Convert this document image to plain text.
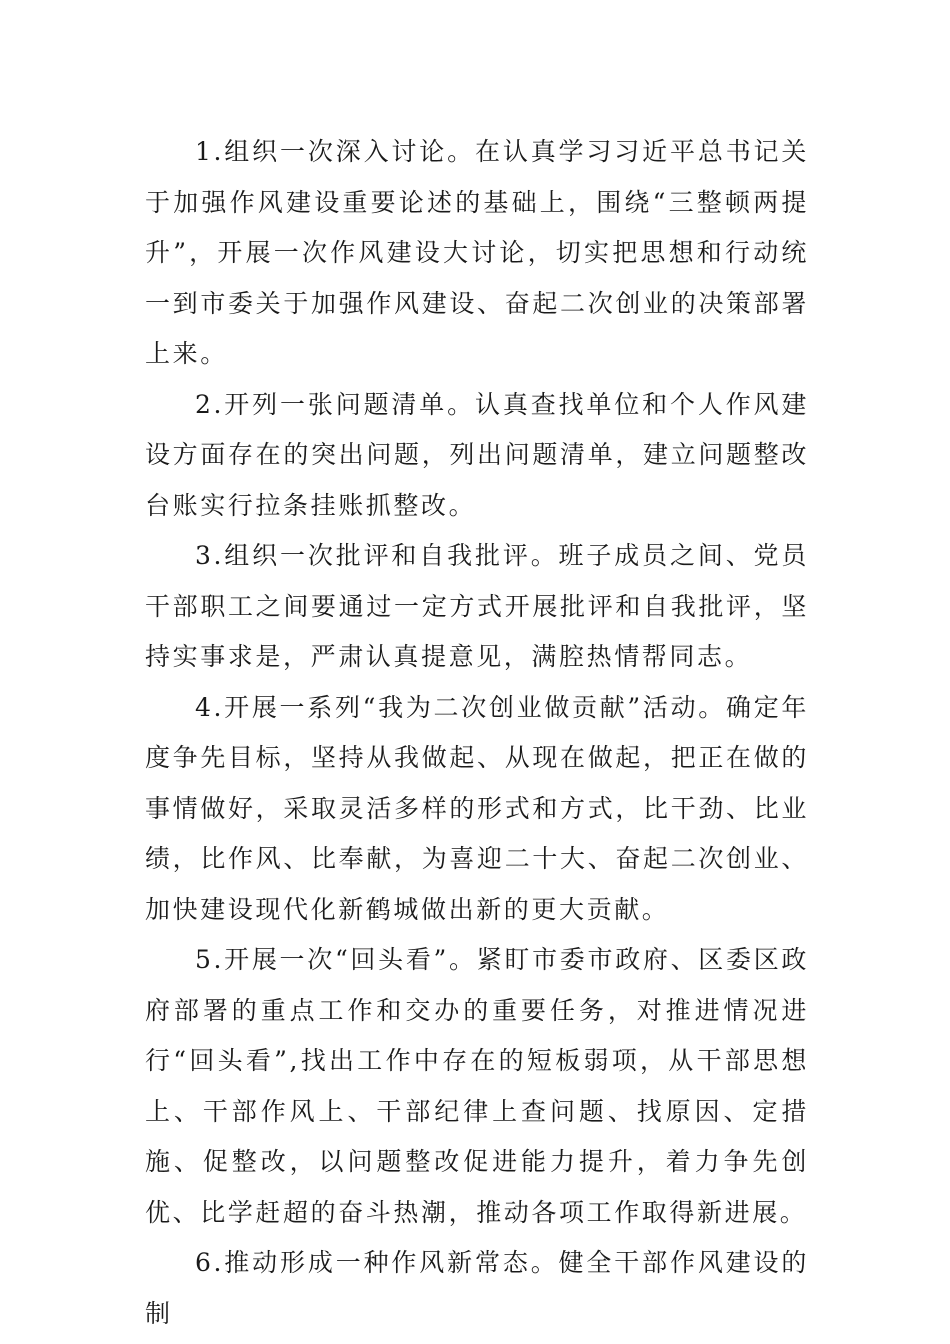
1.组织一次深入讨论。在认真学习习近平总书记关于加强作风建设重要论述的基础上，围绕“三整顿两提升”，开展一次作风建设大讨论，切实把思想和行动统一到市委关于加强作风建设、奋起二次创业的决策部署上来。

2.开列一张问题清单。认真查找单位和个人作风建设方面存在的突出问题，列出问题清单，建立问题整改台账实行拉条挂账抓整改。

3.组织一次批评和自我批评。班子成员之间、党员干部职工之间要通过一定方式开展批评和自我批评，坚持实事求是，严肃认真提意见，满腔热情帮同志。

4.开展一系列“我为二次创业做贡献”活动。确定年度争先目标，坚持从我做起、从现在做起，把正在做的事情做好，采取灵活多样的形式和方式，比干劲、比业绩，比作风、比奉献，为喜迎二十大、奋起二次创业、加快建设现代化新鹤城做出新的更大贡献。

5.开展一次“回头看”。紧盯市委市政府、区委区政府部署的重点工作和交办的重要任务，对推进情况进行“回头看”,找出工作中存在的短板弱项，从干部思想上、干部作风上、干部纪律上查问题、找原因、定措施、促整改，以问题整改促进能力提升，着力争先创优、比学赶超的奋斗热潮，推动各项工作取得新进展。

6.推动形成一种作风新常态。健全干部作风建设的制
